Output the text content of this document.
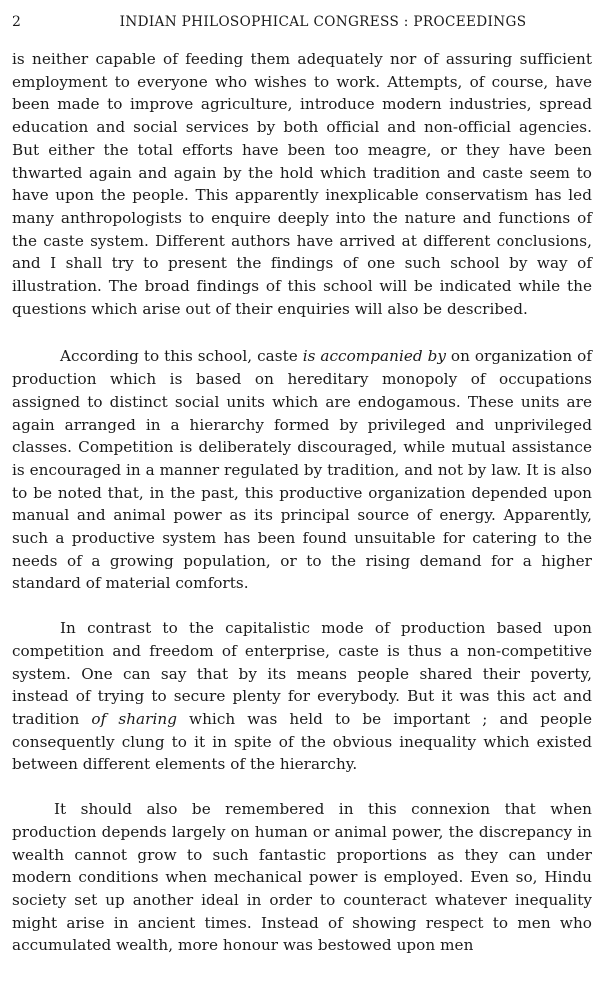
2	INDIAN PHILOSOPHICAL CONGRESS : PROCEEDINGS

is neither capable of feeding them adequately nor of assuring sufficient employment to everyone who wishes to work. Attempts, of course, have been made to improve agriculture, introduce modern industries, spread education and social services by both official and non-official agencies. But either the total efforts have been too meagre, or they have been thwarted again and again by the hold which tradition and caste seem to have upon the people. This apparently inexplicable conservatism has led many anthropologists to enquire deeply into the nature and functions of the caste system. Different authors have arrived at different conclusions, and I shall try to present the findings of one such school by way of illustration. The broad findings of this school will be indicated while the questions which arise out of their enquiries will also be described.

According to this school, caste is accompanied by on organization of production which is based on hereditary monopoly of occupations assigned to distinct social units which are endogamous. These units are again arranged in a hierarchy formed by privileged and unprivileged classes. Competition is deliberately discouraged, while mutual assistance is encouraged in a manner regulated by tradition, and not by law. It is also to be noted that, in the past, this productive organization depended upon manual and animal power as its principal source of energy. Apparently, such a productive system has been found unsuitable for catering to the needs of a growing population, or to the rising demand for a higher standard of material comforts.

In contrast to the capitalistic mode of production based upon competition and freedom of enterprise, caste is thus a non-competitive system. One can say that by its means people shared their poverty, instead of trying to secure plenty for everybody. But it was this act and tradition of sharing which was held to be important ; and people consequently clung to it in spite of the obvious inequality which existed between different elements of the hierarchy.

It should also be remembered in this connexion that when production depends largely on human or animal power, the discrepancy in wealth cannot grow to such fantastic proportions as they can under modern conditions when mechanical power is employed. Even so, Hindu society set up another ideal in order to counteract whatever inequality might arise in ancient times. Instead of showing respect to men who accumulated wealth, more honour was bestowed upon men
